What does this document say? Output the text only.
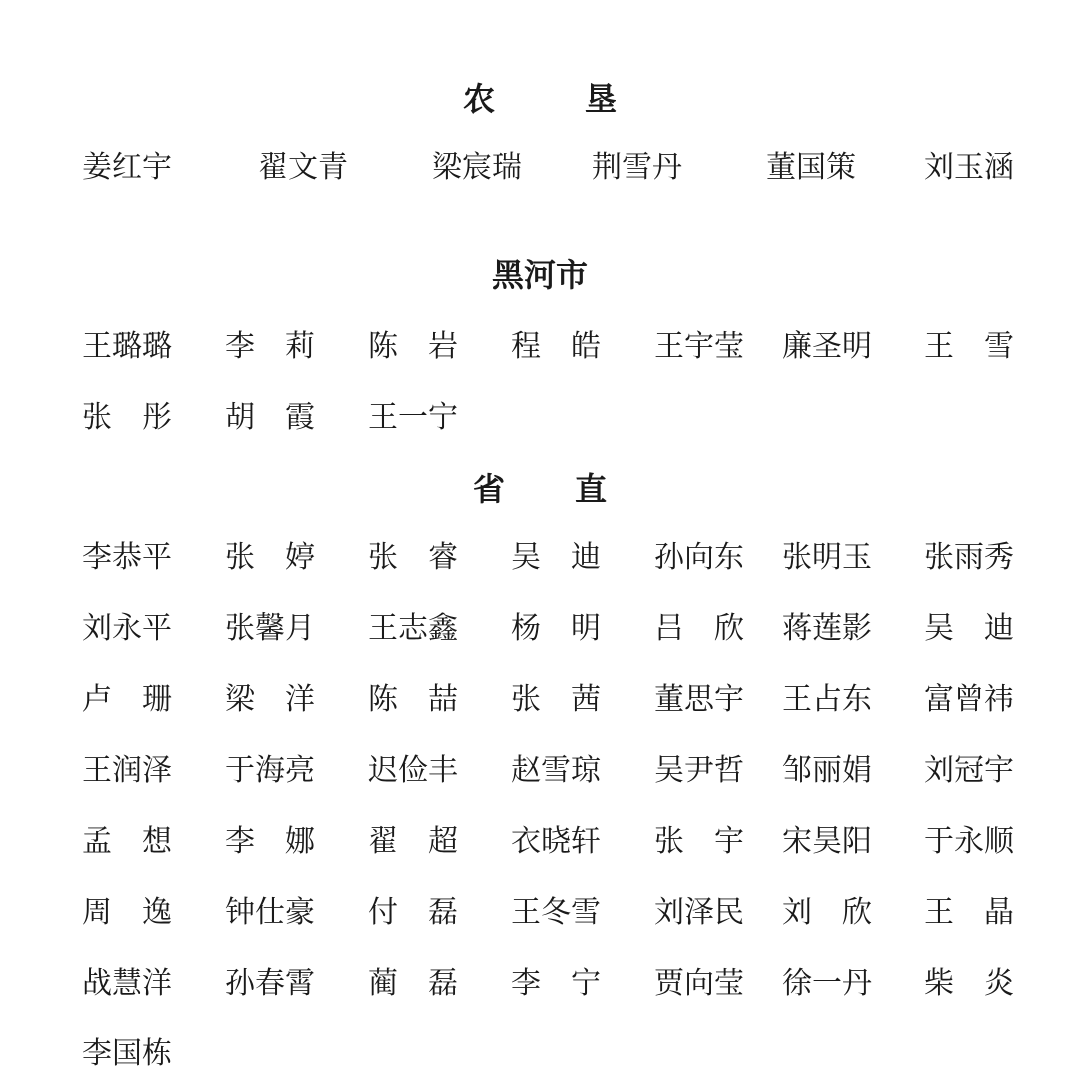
农垦
姜红宇	翟文青	梁宸瑞 荆雪丹	董国策 刘玉涵
黑河市
王璐璐 李　莉 陈　岩 程　皓 王宇莹 廉圣明 王　雪
张　彤 胡　霞 王一宁
省直
李恭平 张　婷 张　睿 吴　迪 孙向东 张明玉 张雨秀
刘永平 张馨月 王志鑫 杨　明 吕　欣 蒋莲影 吴　迪
卢　珊 梁　洋 陈　喆 张　茜 董思宇 王占东 富曾祎
王润泽 于海亮 迟俭丰 赵雪琼 吴尹哲 邹丽娟 刘冠宇
孟　想 李　娜 翟　超 衣晓轩 张　宇 宋昊阳 于永顺
周　逸 钟仕豪 付　磊 王冬雪 刘泽民 刘　欣 王　晶
战慧洋 孙春霄 蔺　磊 李　宁 贾向莹 徐一丹 柴　炎
李国栋
